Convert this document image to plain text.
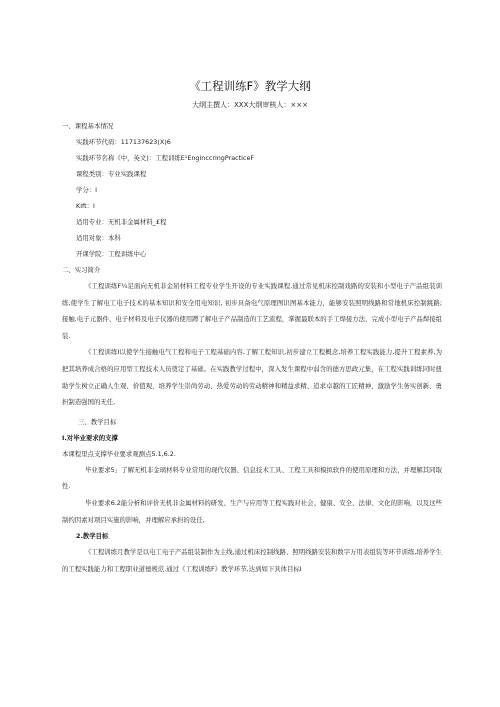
《工程训练F》教学大纲
大纲主撰人：XXX大纲审核人：×××
一、课程基本情况
实践环节代码：117137623(X)6
实践环节名称《中，英文)：工程训练E¹EngincсringPracticeF
课程类别：专业实践课程
学分：I
Klft：I
适用专业：无机非金属材料_£程
适用对象：本科
开课学院：工程训练中心
二、实习简介

《工程训练F¼足面向无机非金屈材料工程专业学生开设的专业实践课程.通过常见机床控制戏路的安装和小型电子产品组装训练,使学生了解电工电子技术的基本知识和安全用电知识, 初步具备电气原理图识图基本能力，能够安装照明线路和常地机床控制跳路; 接触.电子元器件、电子材料及电子仪器的使用蹲了解电子产品制造的工艺流程，掌握最联本的手工焊接方法，完成小型电子产品焊接组装.

《工程训练I以使学生接触电气工程和电子工程基础内容,了解工程知识,初步建立工程概念,培养工程实践能力,提升工程素养,为把其培养成合格的应用型工程技术人员奠定了基础。在实践教学过程中，深入发生课程中弱含的德方思政元集，在工程实践训练同时扭助学生树立正确人生观、价值观，培养学生崇尚劳动、热爱劳动的劳动精神和精益求精、追求卓越的工匠精神，激励学生务实创新、勇担制造强国的无任,

三、教学目标
I.对毕业要求的支撑
本课程里点支撑毕业要求观测点5.1,6.2.

毕业要求5」了解无机非金璃材料专业常用的现代仪器、信息技术工具、工程工具和模拟软件的使用原理和方法，并理解其同取性.

毕业要求6.2能分析和评价无机非金属材料的研发、生产与应用等工程实践对社会、健康、安全、法律、文化的影响，以及这些制约因素对项目实施的影响，并理解应承担的设任,

2.教学目标

《工程训练月教学是以电工电子产品组装制作为主线,通过机床控制线路、照明线路安装和数字万用表组装等环节训练,培养学生的工程实践能力和工程职业道德规范.通过《工程训练F》教学环节,达到如下具体目标I
